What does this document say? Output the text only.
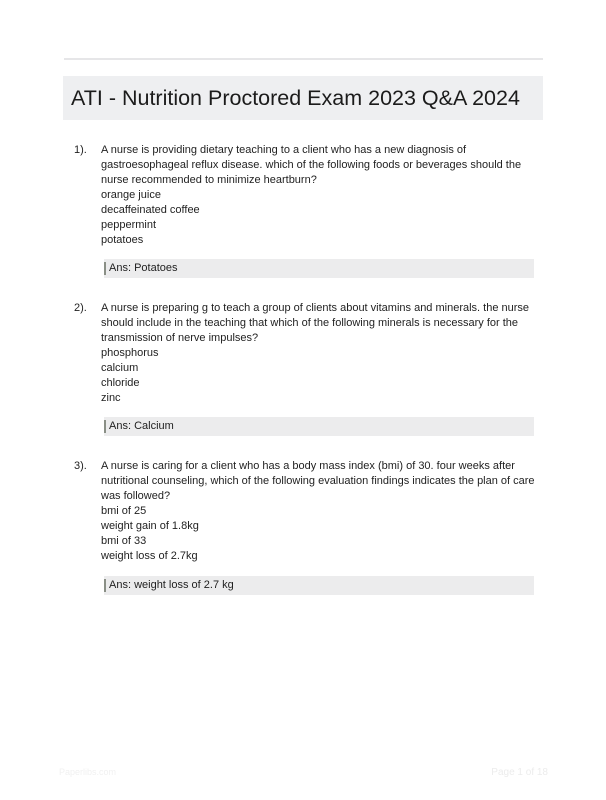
ATI - Nutrition Proctored Exam 2023 Q&A 2024
1). A nurse is providing dietary teaching to a client who has a new diagnosis of

gastroesophageal reflux disease. which of the following foods or beverages should the

nurse recommended to minimize heartburn?

orange juice

decaffeinated coffee

peppermint

potatoes

Ans: Potatoes
2). A nurse is preparing g to teach a group of clients about vitamins and minerals. the nurse

should include in the teaching that which of the following minerals is necessary for the

transmission of nerve impulses?

phosphorus

calcium

chloride

zinc

Ans: Calcium
3). A nurse is caring for a client who has a body mass index (bmi) of 30. four weeks after

nutritional counseling, which of the following evaluation findings indicates the plan of care

was followed?

bmi of 25

weight gain of 1.8kg

bmi of 33

weight loss of 2.7kg

Ans: weight loss of 2.7 kg
Paperlibs.com	Page 1 of 18
